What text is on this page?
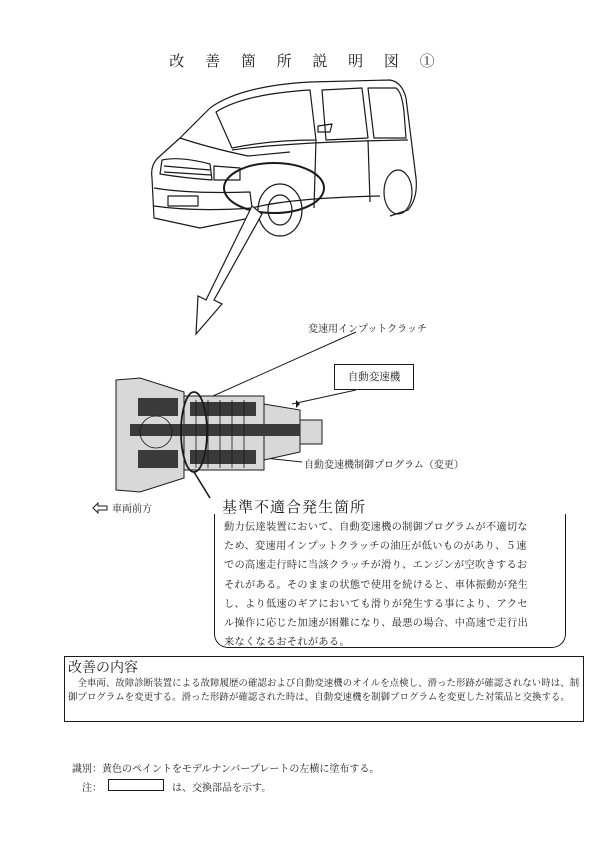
改 善 箇 所 説 明 図 ①
変速用インプットクラッチ
自動変速機
自動変速機制御プログラム（変更）
車両前方	基準不適合発生箇所
動力伝達装置において、自動変速機の制御プログラムが不適切な
ため、変速用インプットクラッチの油圧が低いものがあり、５速
での高速走行時に当該クラッチが滑り、エンジンが空吹きするお
それがある。そのままの状態で使用を続けると、車体振動が発生
し、より低速のギアにおいても滑りが発生する事により、アクセ
ル操作に応じた加速が困難になり、最悪の場合、中高速で走行出
来なくなるおそれがある。
改善の内容
　全車両、故障診断装置による故障履歴の確認および自動変速機のオイルを点検し、滑った形跡が確認されない時は、制御プログラムを変更する。滑った形跡が確認された時は、自動変速機を制御プログラムを変更した対策品と交換する。
識別：黄色のペイントをモデルナンバープレートの左横に塗布する。
注：	は、交換部品を示す。
